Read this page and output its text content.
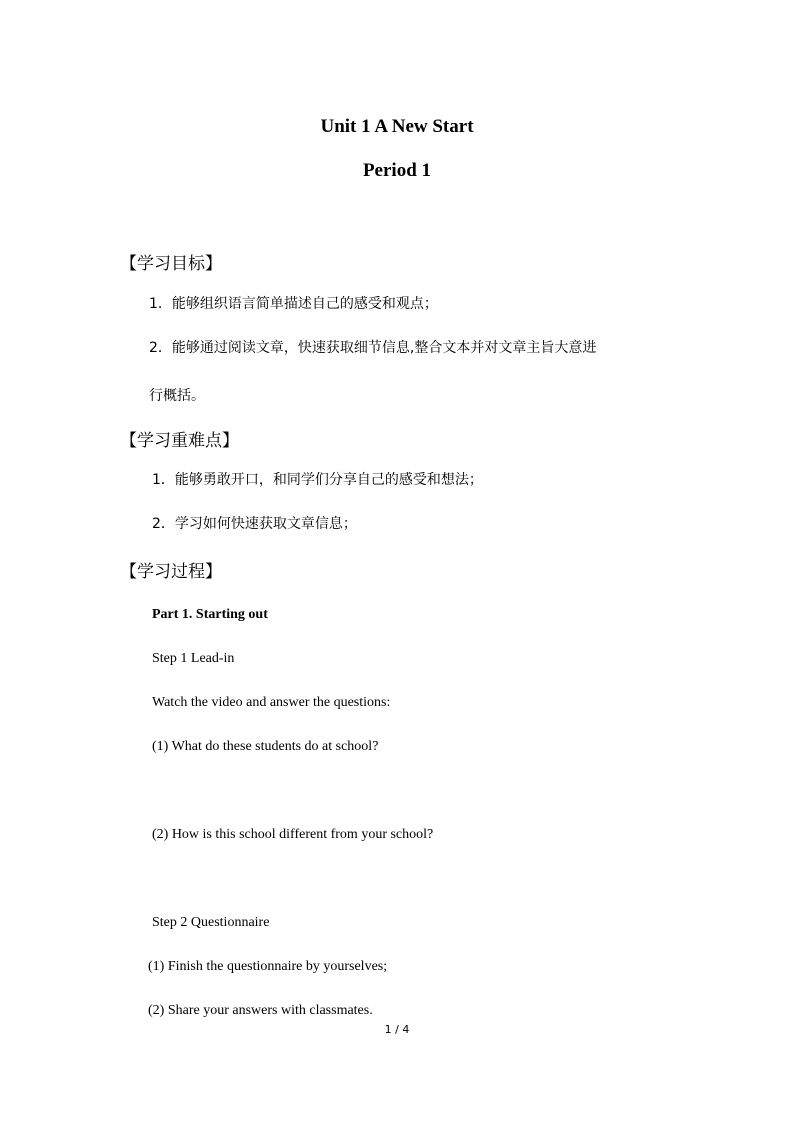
Unit 1 A New Start
Period 1
【学习目标】
1．能够组织语言简单描述自己的感受和观点；
2．能够通过阅读文章，快速获取细节信息,整合文本并对文章主旨大意进
行概括。
【学习重难点】
1．能够勇敢开口，和同学们分享自己的感受和想法；
2．学习如何快速获取文章信息；
【学习过程】
Part 1. Starting out
Step 1 Lead-in
Watch the video and answer the questions:
(1) What do these students do at school?
(2) How is this school different from your school?
Step 2 Questionnaire
(1) Finish the questionnaire by yourselves;
(2) Share your answers with classmates.
1 / 4
